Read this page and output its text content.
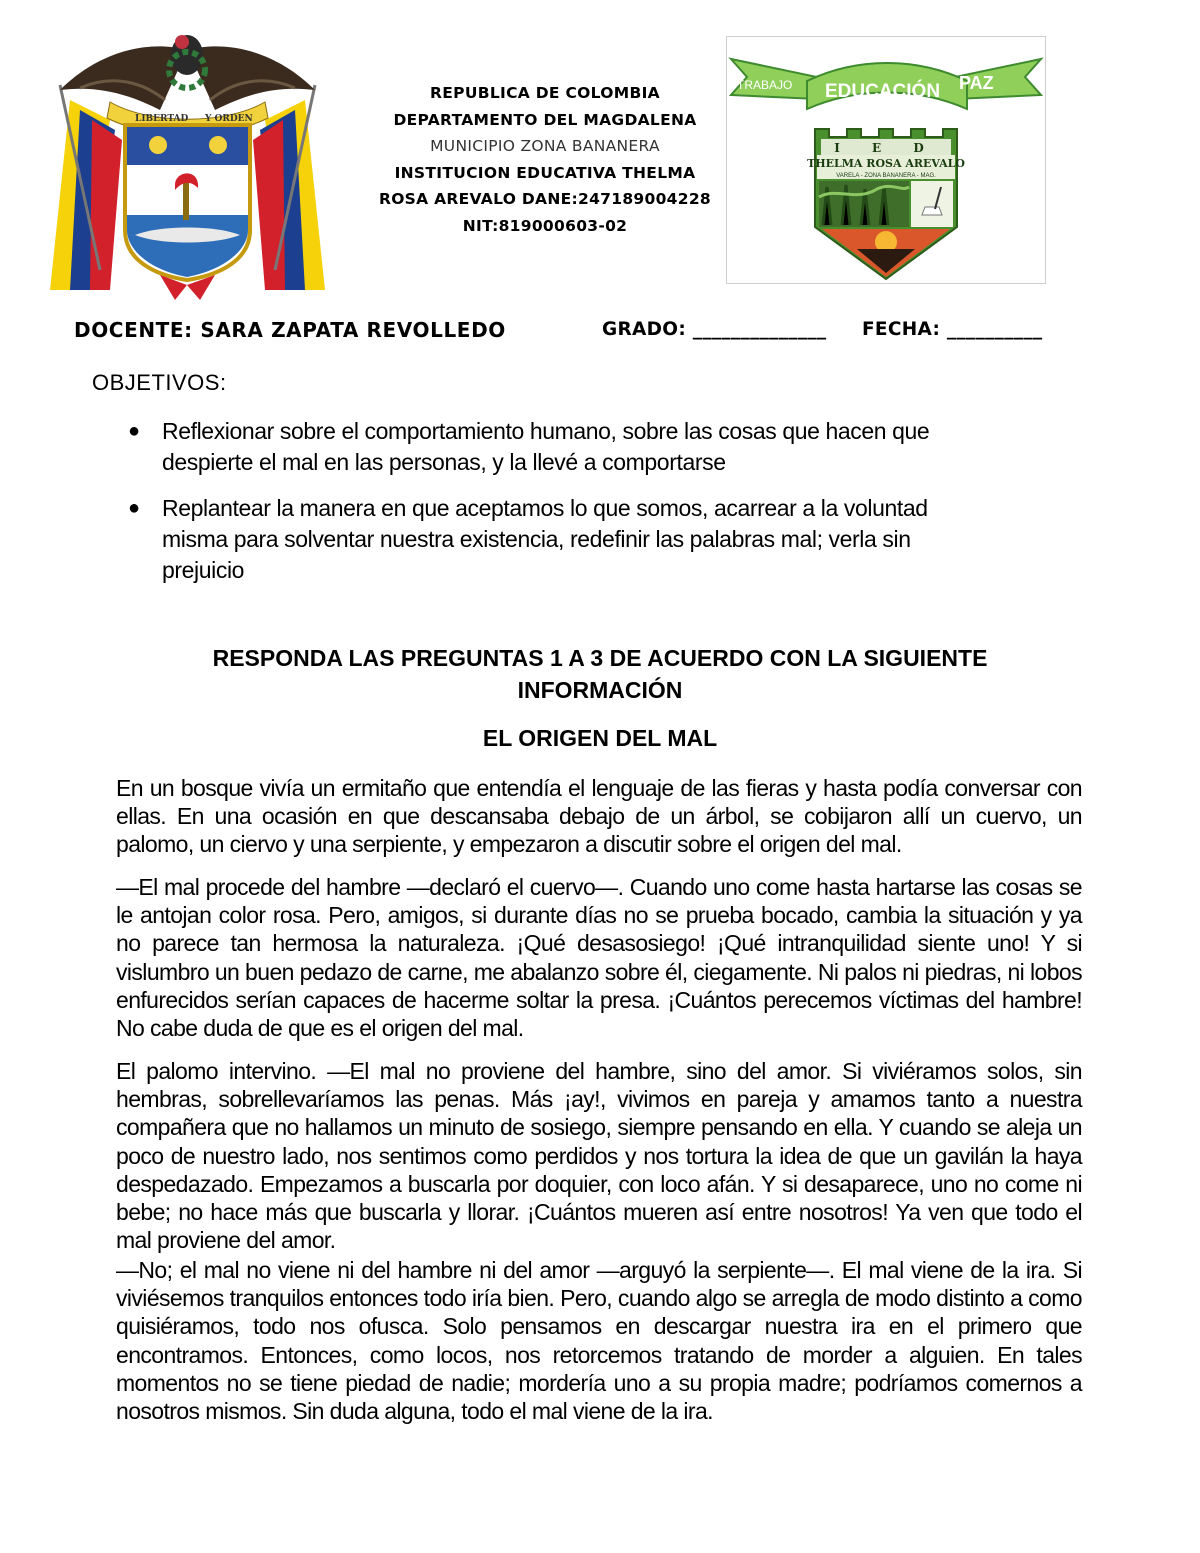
LIBERTAD Y ORDEN
REPUBLICA DE COLOMBIA
DEPARTAMENTO DEL MAGDALENA
MUNICIPIO ZONA BANANERA
INSTITUCION EDUCATIVA THELMA
ROSA AREVALO DANE:247189004228
NIT:819000603-02
TRABAJO EDUCACIÓN PAZ
I E D
THELMA ROSA AREVALO
VARELA - ZONA BANANERA - MAG.
DOCENTE: SARA ZAPATA REVOLLEDO	GRADO: ______________ FECHA: __________
OBJETIVOS:
● Reflexionar sobre el comportamiento humano, sobre las cosas que hacen que despierte el mal en las personas, y la llevé a comportarse
● Replantear la manera en que aceptamos lo que somos, acarrear a la voluntad misma para solventar nuestra existencia, redefinir las palabras mal; verla sin prejuicio
RESPONDA LAS PREGUNTAS 1 A 3 DE ACUERDO CON LA SIGUIENTE
INFORMACIÓN
EL ORIGEN DEL MAL

En un bosque vivía un ermitaño que entendía el lenguaje de las fieras y hasta podía conversar con ellas. En una ocasión en que descansaba debajo de un árbol, se cobijaron allí un cuervo, un palomo, un ciervo y una serpiente, y empezaron a discutir sobre el origen del mal.

—El mal procede del hambre —declaró el cuervo—. Cuando uno come hasta hartarse las cosas se le antojan color rosa. Pero, amigos, si durante días no se prueba bocado, cambia la situación y ya no parece tan hermosa la naturaleza. ¡Qué desasosiego! ¡Qué intranquilidad siente uno! Y si vislumbro un buen pedazo de carne, me abalanzo sobre él, ciegamente. Ni palos ni piedras, ni lobos enfurecidos serían capaces de hacerme soltar la presa. ¡Cuántos perecemos víctimas del hambre! No cabe duda de que es el origen del mal.

El palomo intervino. —El mal no proviene del hambre, sino del amor. Si viviéramos solos, sin hembras, sobrellevaríamos las penas. Más ¡ay!, vivimos en pareja y amamos tanto a nuestra compañera que no hallamos un minuto de sosiego, siempre pensando en ella. Y cuando se aleja un poco de nuestro lado, nos sentimos como perdidos y nos tortura la idea de que un gavilán la haya despedazado. Empezamos a buscarla por doquier, con loco afán. Y si desaparece, uno no come ni bebe; no hace más que buscarla y llorar. ¡Cuántos mueren así entre nosotros! Ya ven que todo el mal proviene del amor.

—No; el mal no viene ni del hambre ni del amor —arguyó la serpiente—. El mal viene de la ira. Si viviésemos tranquilos entonces todo iría bien. Pero, cuando algo se arregla de modo distinto a como quisiéramos, todo nos ofusca. Solo pensamos en descargar nuestra ira en el primero que encontramos. Entonces, como locos, nos retorcemos tratando de morder a alguien. En tales momentos no se tiene piedad de nadie; mordería uno a su propia madre; podríamos comernos a nosotros mismos. Sin duda alguna, todo el mal viene de la ira.
